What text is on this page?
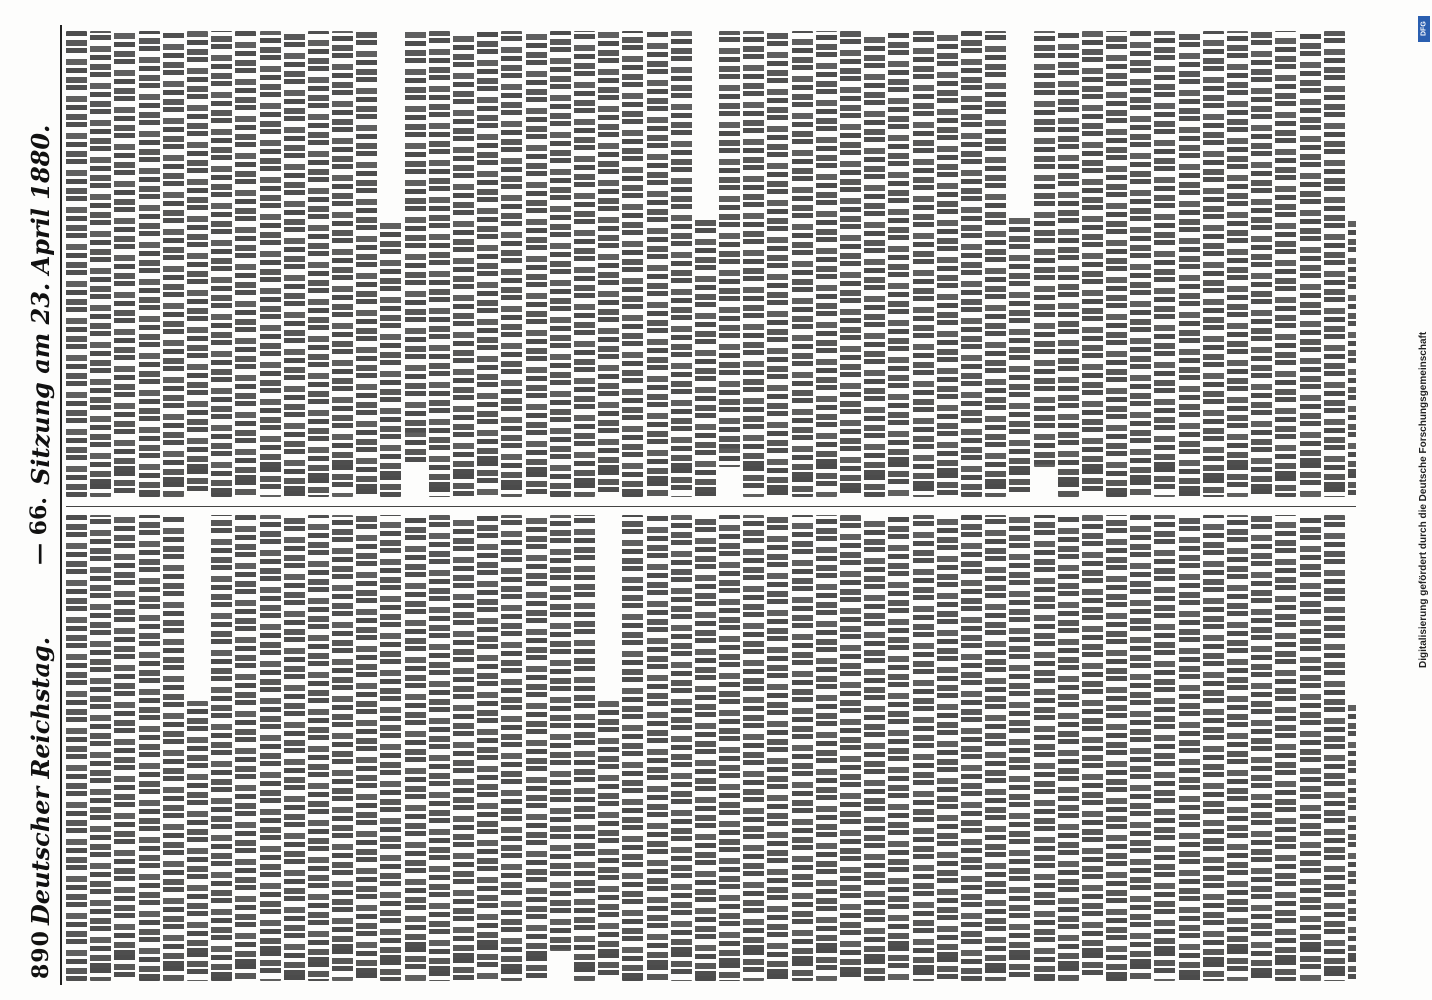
890
Deutscher Reichstag.
— 66.
Sitzung am 23. April 1880.
DFG
Digitalisierung gefördert durch die Deutsche Forschungsgemeinschaft
